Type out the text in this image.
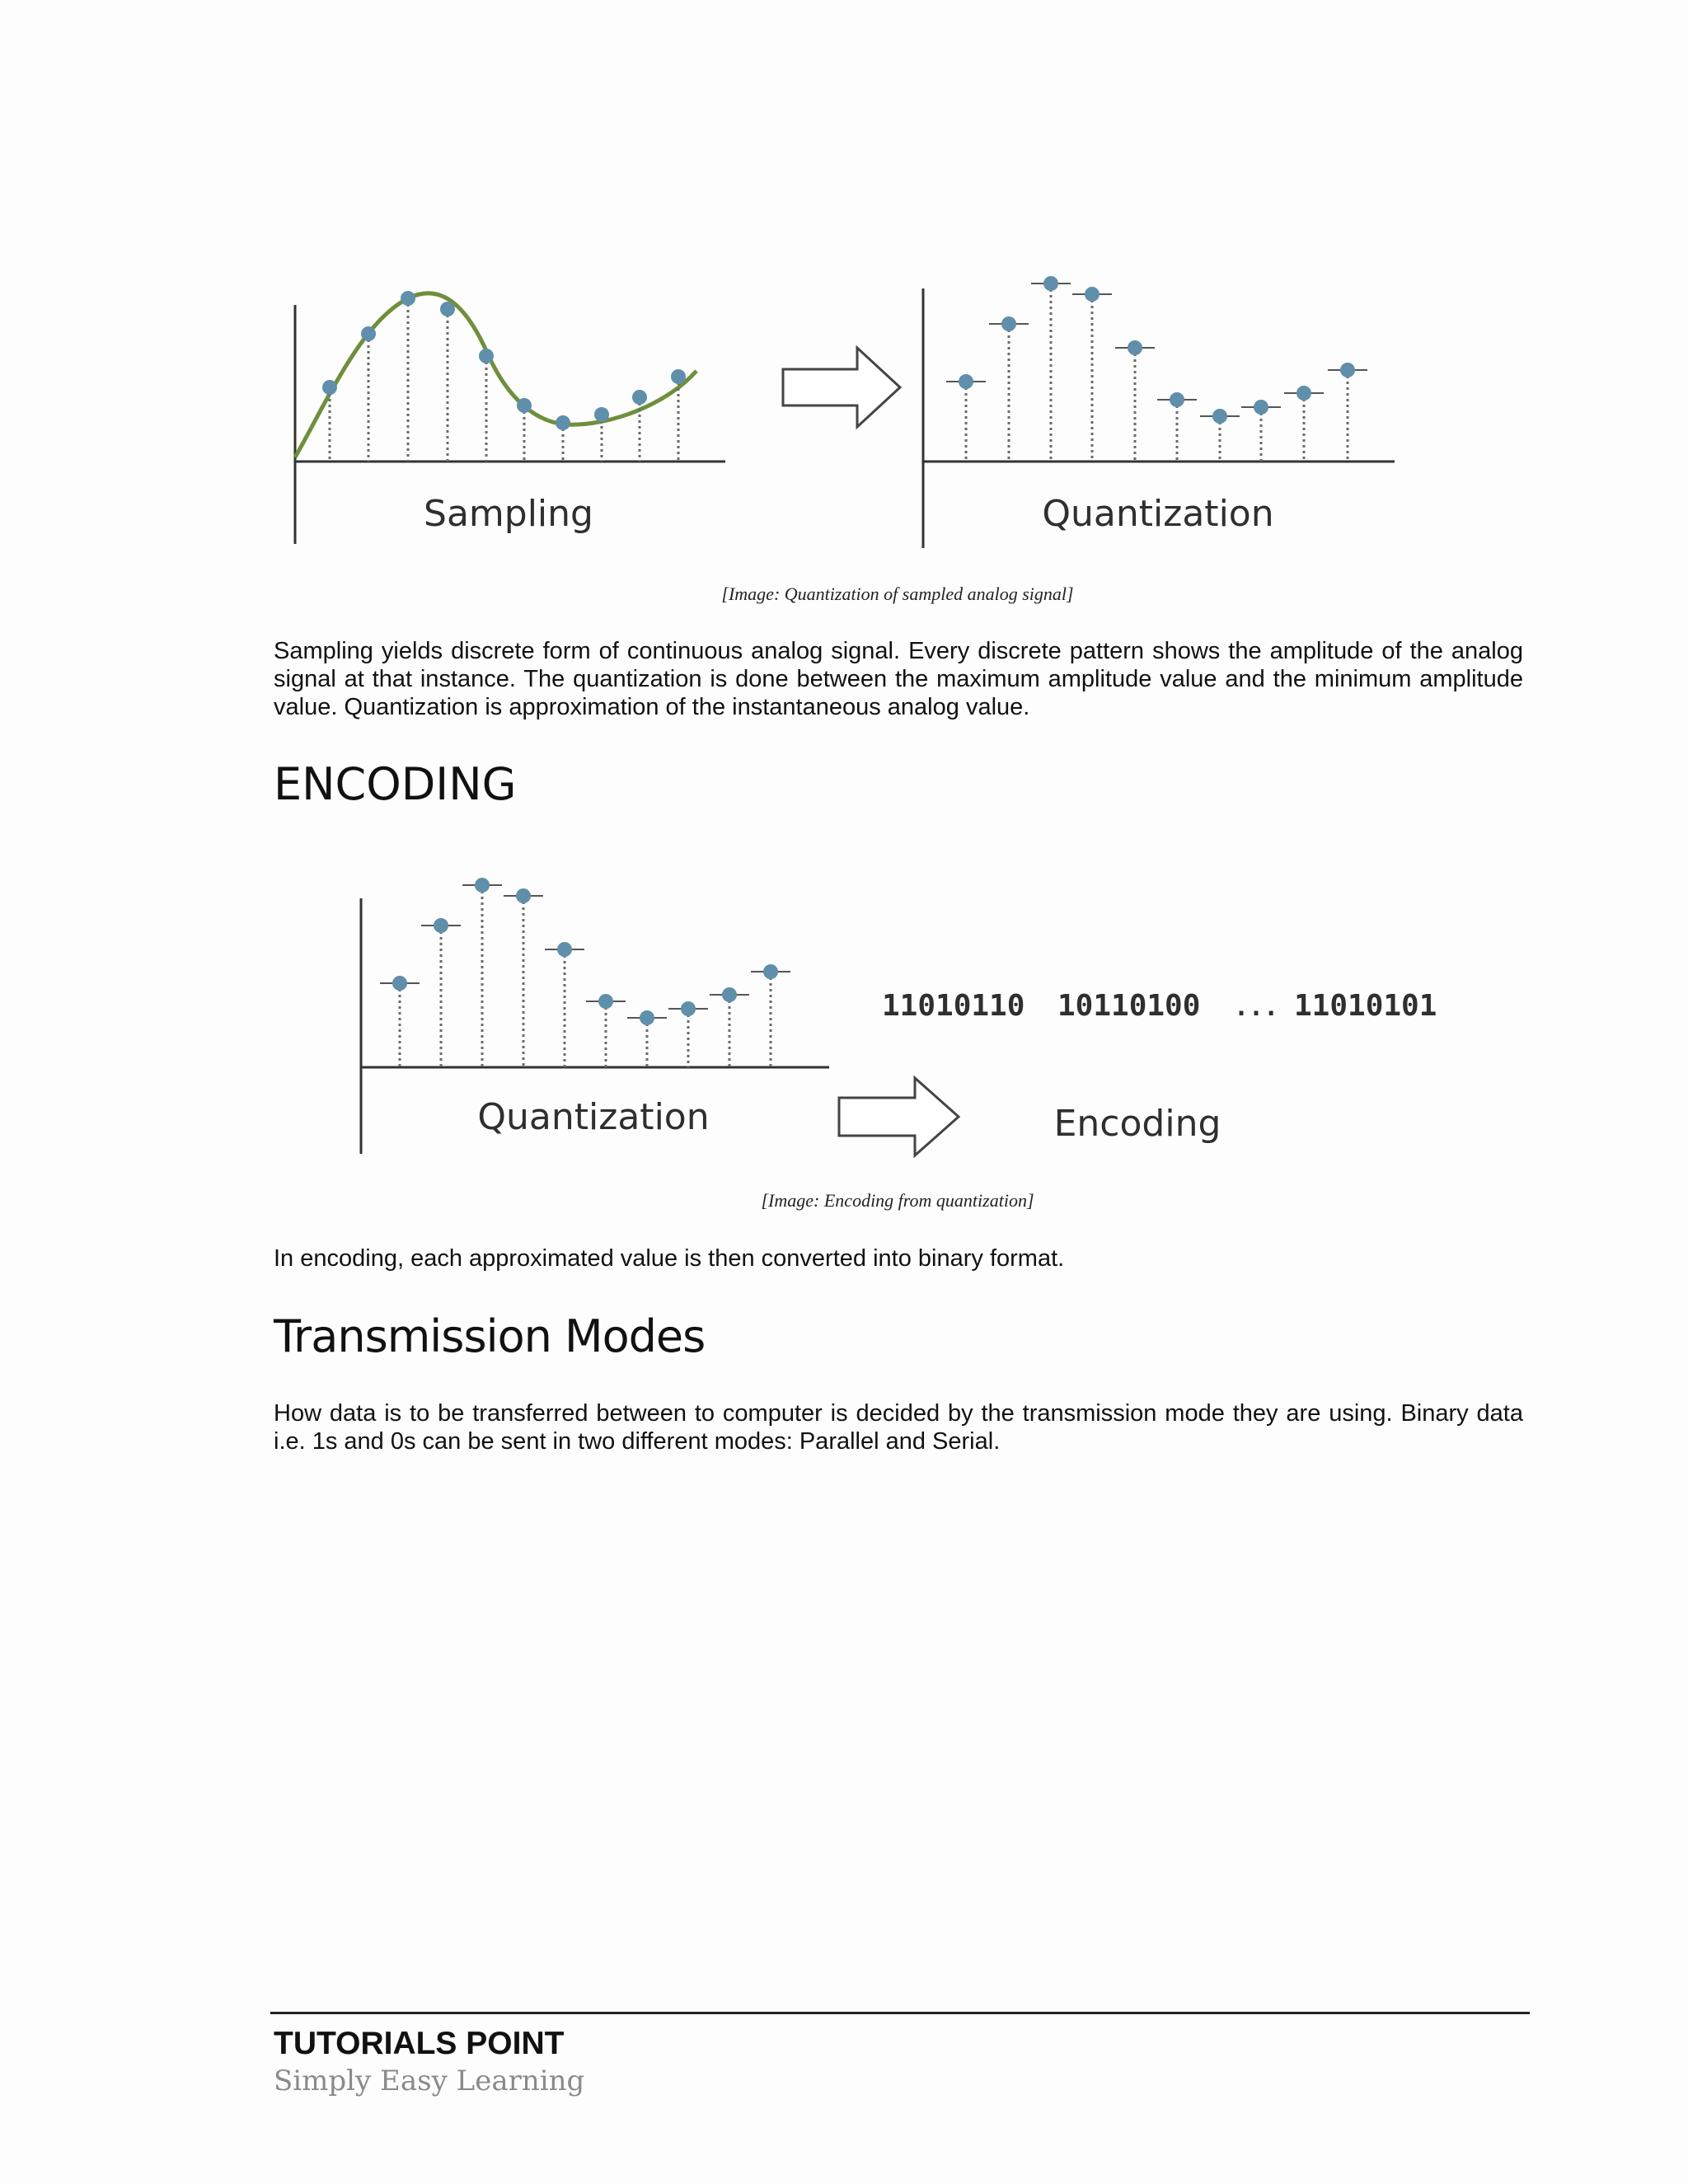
Sampling	Quantization
[Image: Quantization of sampled analog signal]

Sampling yields discrete form of continuous analog signal. Every discrete pattern shows the amplitude of the analog signal at that instance. The quantization is done between the maximum amplitude value and the minimum amplitude value. Quantization is approximation of the instantaneous analog value.

ENCODING
Quantization
11010110 10110100 ... 11010101
Encoding
[Image: Encoding from quantization]

In encoding, each approximated value is then converted into binary format.

Transmission Modes

How data is to be transferred between to computer is decided by the transmission mode they are using. Binary data i.e. 1s and 0s can be sent in two different modes: Parallel and Serial.

TUTORIALS POINT
Simply Easy Learning
